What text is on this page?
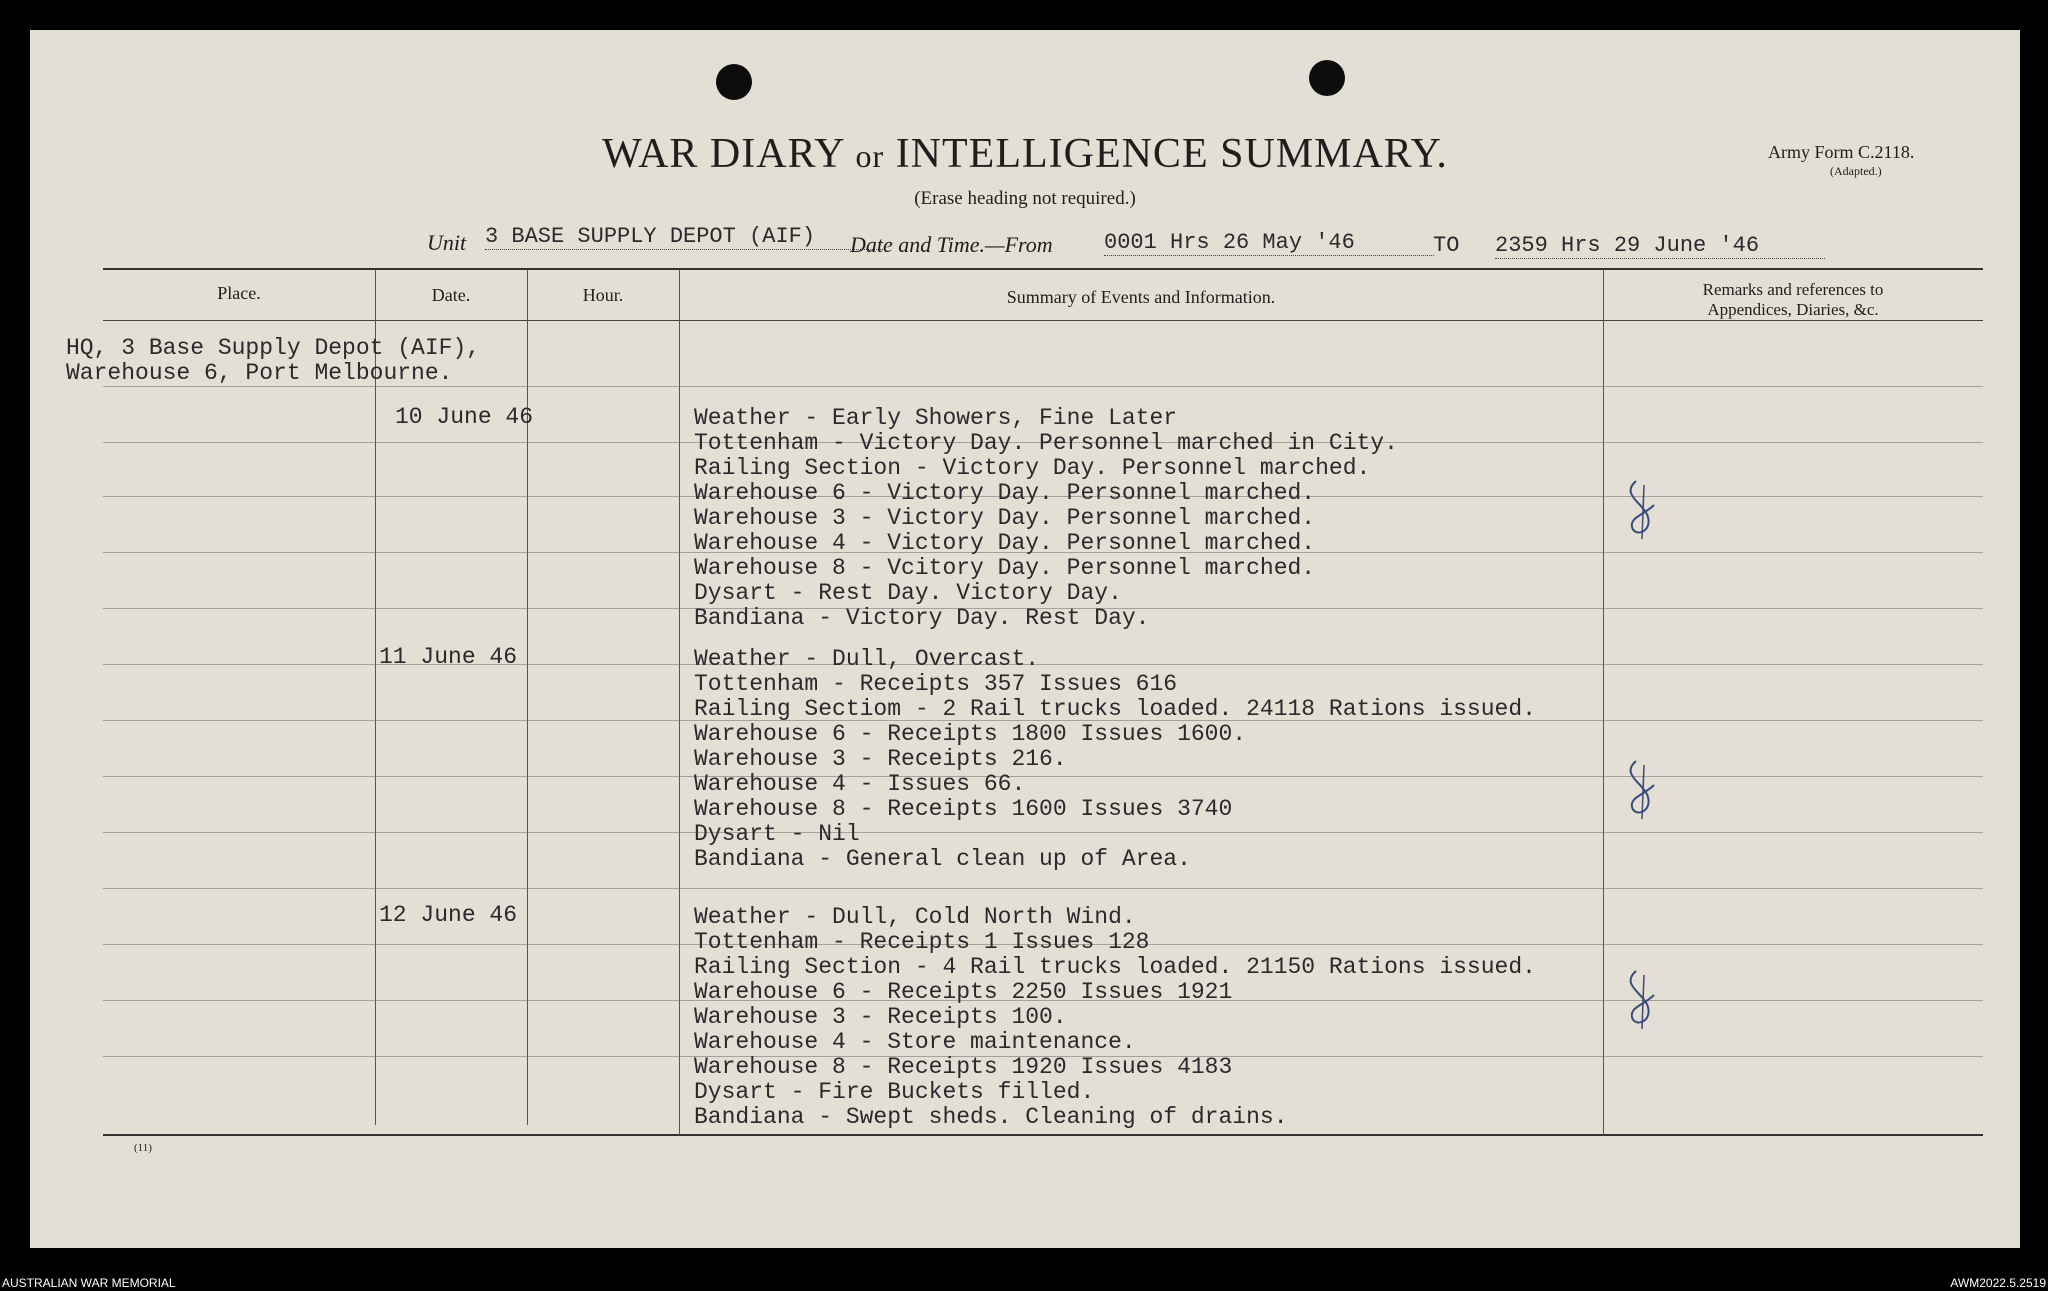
WAR DIARY or INTELLIGENCE SUMMARY.
(Erase heading not required.)
Army Form C.2118.
(Adapted.)
Unit 3 BASE SUPPLY DEPOT (AIF)	Date and Time.—From 0001 Hrs 26 May '46	TO 2359 Hrs 29 June '46
Place.	Date.	Hour.	Summary of Events and Information.	Remarks and references to
Appendices, Diaries, &c.
HQ, 3 Base Supply Depot (AIF),
Warehouse 6, Port Melbourne.
10 June 46	Weather - Early Showers, Fine Later
Tottenham - Victory Day. Personnel marched in City.
Railing Section - Victory Day. Personnel marched.
Warehouse 6 - Victory Day. Personnel marched.
Warehouse 3 - Victory Day. Personnel marched.
Warehouse 4 - Victory Day. Personnel marched.
Warehouse 8 - Vcitory Day. Personnel marched.
Dysart - Rest Day. Victory Day.
Bandiana - Victory Day. Rest Day.
11 June 46	Weather - Dull, Overcast.
Tottenham - Receipts 357 Issues 616
Railing Sectiom - 2 Rail trucks loaded. 24118 Rations issued.
Warehouse 6 - Receipts 1800 Issues 1600.
Warehouse 3 - Receipts 216.
Warehouse 4 - Issues 66.
Warehouse 8 - Receipts 1600 Issues 3740
Dysart - Nil
Bandiana - General clean up of Area.
12 June 46	Weather - Dull, Cold North Wind.
Tottenham - Receipts 1 Issues 128
Railing Section - 4 Rail trucks loaded. 21150 Rations issued.
Warehouse 6 - Receipts 2250 Issues 1921
Warehouse 3 - Receipts 100.
Warehouse 4 - Store maintenance.
Warehouse 8 - Receipts 1920 Issues 4183
Dysart - Fire Buckets filled.
Bandiana - Swept sheds. Cleaning of drains.
(11)
AUSTRALIAN WAR MEMORIAL	AWM2022.5.2519
